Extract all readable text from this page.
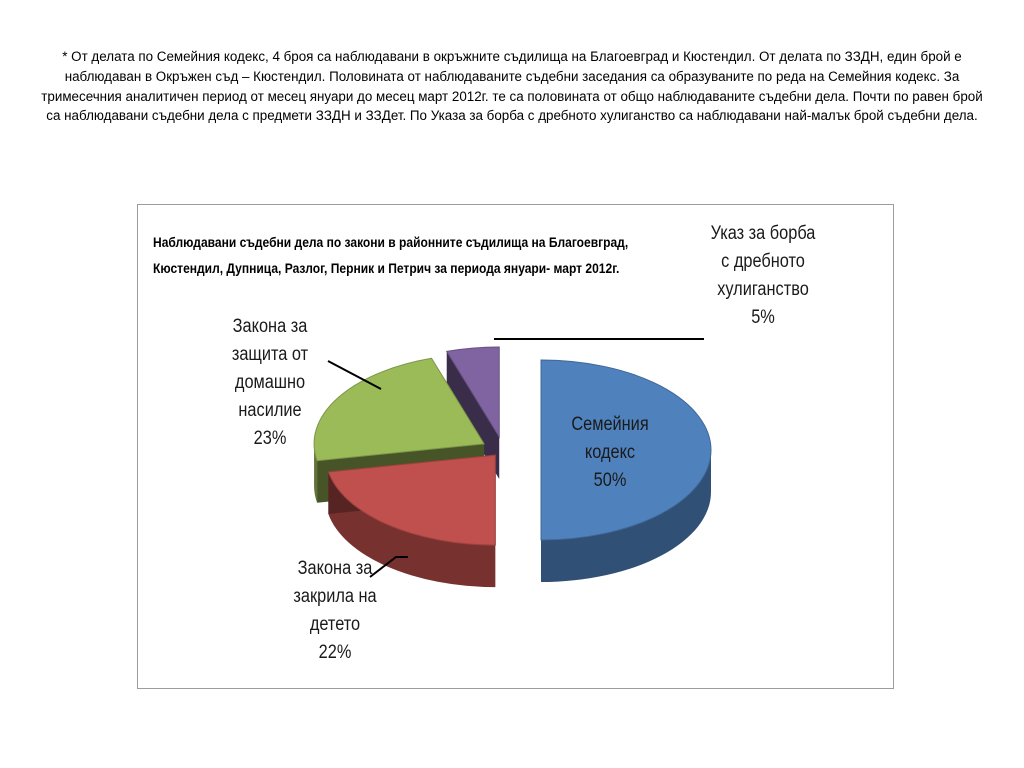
* От делата по Семейния кодекс, 4 броя са наблюдавани в окръжните съдилища на Благоевград и Кюстендил. От делата по ЗЗДН, един брой е наблюдаван в Окръжен съд – Кюстендил. Половината от наблюдаваните съдебни заседания са образуваните по реда на Семейния кодекс. За тримесечния аналитичен период от месец януари до месец март 2012г. те са половината от общо наблюдаваните съдебни дела. Почти по равен брой са наблюдавани съдебни дела с предмети ЗЗДН и ЗЗДет. По Указа за борба с дребното хулиганство са наблюдавани най-малък брой съдебни дела.

Наблюдавани съдебни дела по закони в районните съдилища на Благоевград, Кюстендил, Дупница, Разлог, Перник и Петрич за периода януари- март 2012г.
Семейния кодекс
50%
Закона за закрила на детето
22%
Закона за защита от домашно насилие
23%
Указ за борба с дребното хулиганство
5%
